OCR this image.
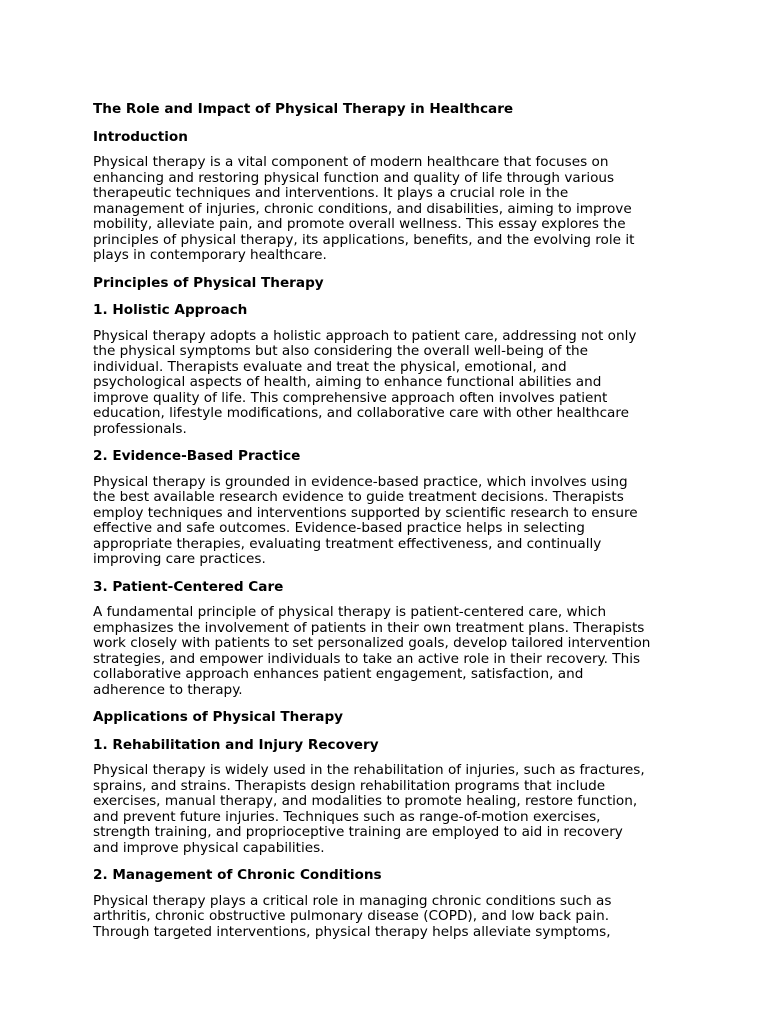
The Role and Impact of Physical Therapy in Healthcare
Introduction
Physical therapy is a vital component of modern healthcare that focuses on
enhancing and restoring physical function and quality of life through various
therapeutic techniques and interventions. It plays a crucial role in the
management of injuries, chronic conditions, and disabilities, aiming to improve
mobility, alleviate pain, and promote overall wellness. This essay explores the
principles of physical therapy, its applications, benefits, and the evolving role it
plays in contemporary healthcare.
Principles of Physical Therapy
1. Holistic Approach
Physical therapy adopts a holistic approach to patient care, addressing not only
the physical symptoms but also considering the overall well-being of the
individual. Therapists evaluate and treat the physical, emotional, and
psychological aspects of health, aiming to enhance functional abilities and
improve quality of life. This comprehensive approach often involves patient
education, lifestyle modifications, and collaborative care with other healthcare
professionals.
2. Evidence-Based Practice
Physical therapy is grounded in evidence-based practice, which involves using
the best available research evidence to guide treatment decisions. Therapists
employ techniques and interventions supported by scientific research to ensure
effective and safe outcomes. Evidence-based practice helps in selecting
appropriate therapies, evaluating treatment effectiveness, and continually
improving care practices.
3. Patient-Centered Care
A fundamental principle of physical therapy is patient-centered care, which
emphasizes the involvement of patients in their own treatment plans. Therapists
work closely with patients to set personalized goals, develop tailored intervention
strategies, and empower individuals to take an active role in their recovery. This
collaborative approach enhances patient engagement, satisfaction, and
adherence to therapy.
Applications of Physical Therapy
1. Rehabilitation and Injury Recovery
Physical therapy is widely used in the rehabilitation of injuries, such as fractures,
sprains, and strains. Therapists design rehabilitation programs that include
exercises, manual therapy, and modalities to promote healing, restore function,
and prevent future injuries. Techniques such as range-of-motion exercises,
strength training, and proprioceptive training are employed to aid in recovery
and improve physical capabilities.
2. Management of Chronic Conditions
Physical therapy plays a critical role in managing chronic conditions such as
arthritis, chronic obstructive pulmonary disease (COPD), and low back pain.
Through targeted interventions, physical therapy helps alleviate symptoms,
